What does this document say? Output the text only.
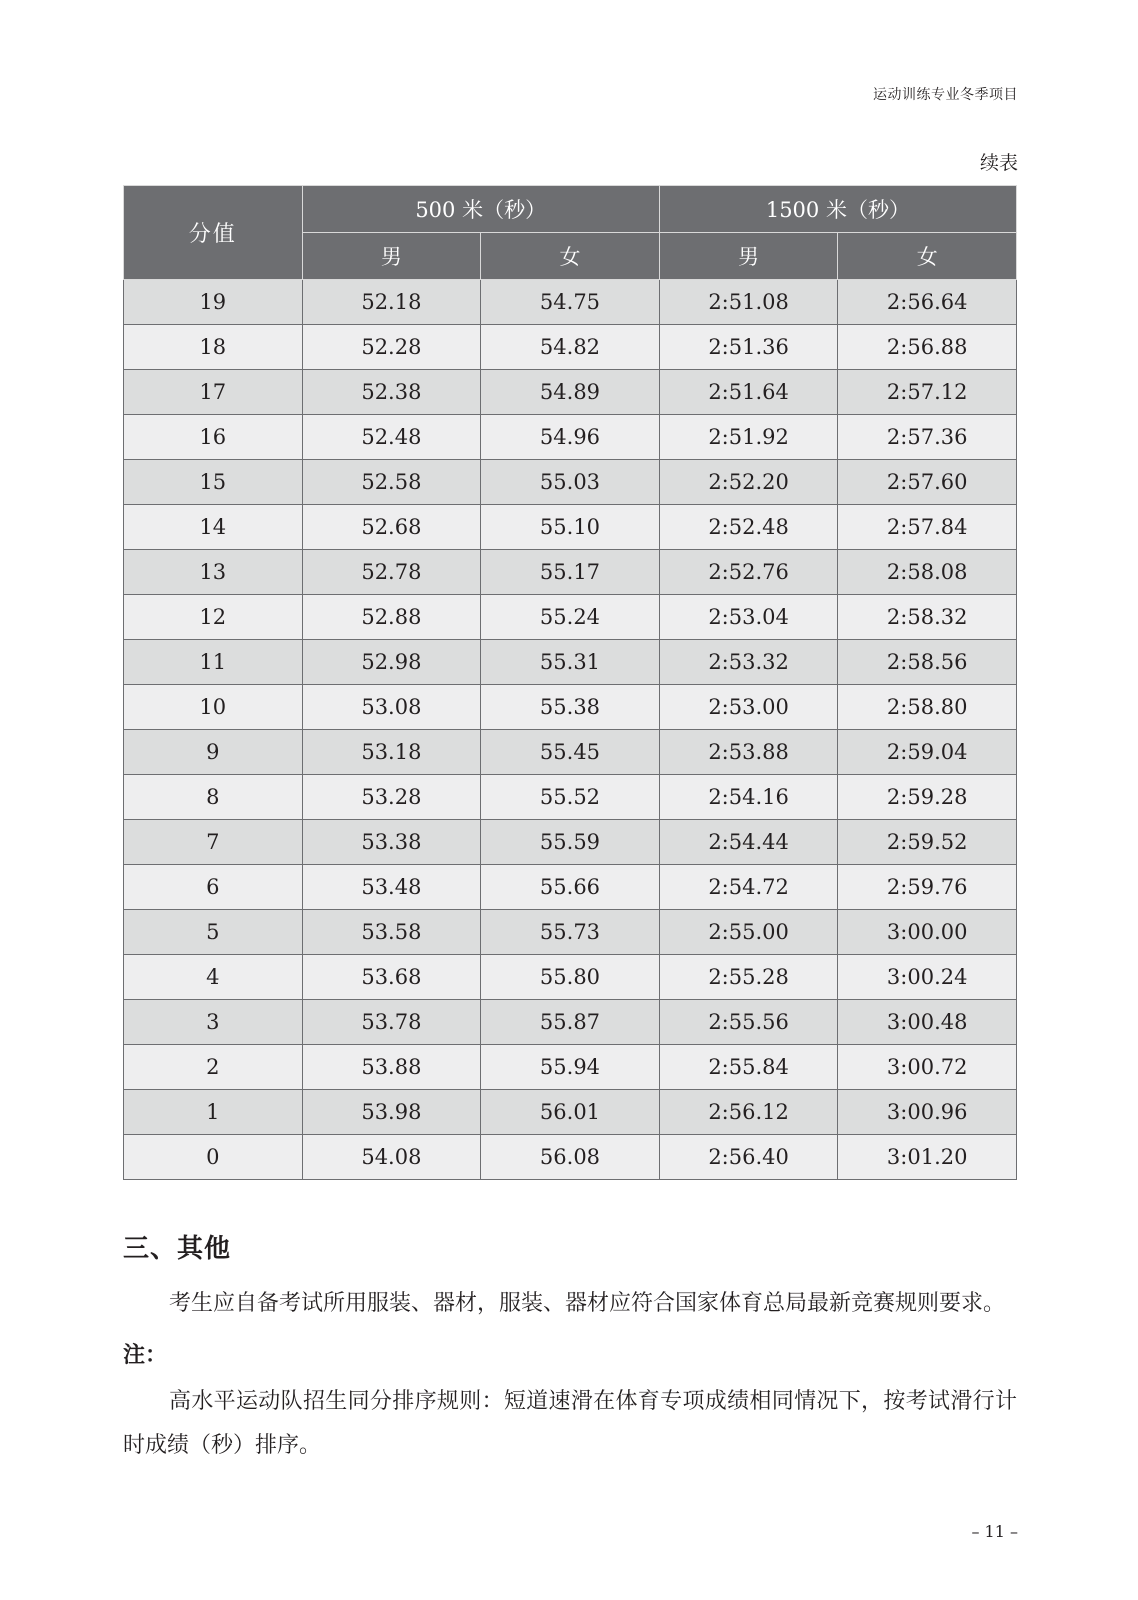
运动训练专业冬季项目
续表
分值	500 米（秒）		1500 米（秒）	
	男	女	男	女
19	52.18	54.75	2:51.08	2:56.64
18	52.28	54.82	2:51.36	2:56.88
17	52.38	54.89	2:51.64	2:57.12
16	52.48	54.96	2:51.92	2:57.36
15	52.58	55.03	2:52.20	2:57.60
14	52.68	55.10	2:52.48	2:57.84
13	52.78	55.17	2:52.76	2:58.08
12	52.88	55.24	2:53.04	2:58.32
11	52.98	55.31	2:53.32	2:58.56
10	53.08	55.38	2:53.00	2:58.80
9	53.18	55.45	2:53.88	2:59.04
8	53.28	55.52	2:54.16	2:59.28
7	53.38	55.59	2:54.44	2:59.52
6	53.48	55.66	2:54.72	2:59.76
5	53.58	55.73	2:55.00	3:00.00
4	53.68	55.80	2:55.28	3:00.24
3	53.78	55.87	2:55.56	3:00.48
2	53.88	55.94	2:55.84	3:00.72
1	53.98	56.01	2:56.12	3:00.96
0	54.08	56.08	2:56.40	3:01.20
三、其他
考生应自备考试所用服装、器材，服装、器材应符合国家体育总局最新竞赛规则要求。
注：
高水平运动队招生同分排序规则：短道速滑在体育专项成绩相同情况下，按考试滑行计时成绩（秒）排序。
– 11 –
